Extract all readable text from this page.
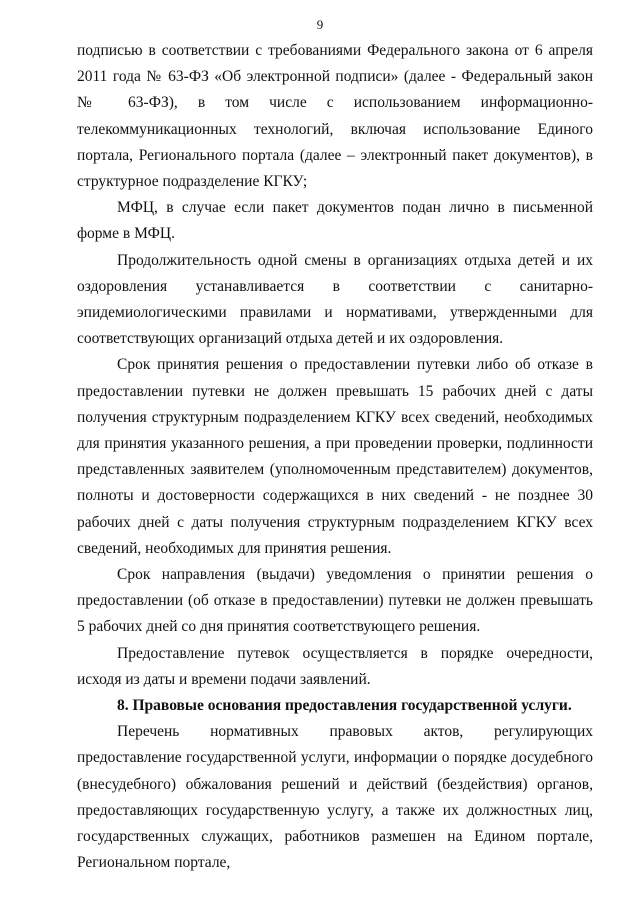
9

подписью в соответствии с требованиями Федерального закона от 6 апреля 2011 года № 63-ФЗ «Об электронной подписи» (далее - Федеральный закон № 63-ФЗ), в том числе с использованием информационно-телекоммуникационных технологий, включая использование Единого портала, Регионального портала (далее – электронный пакет документов), в структурное подразделение КГКУ;

МФЦ, в случае если пакет документов подан лично в письменной форме в МФЦ.

Продолжительность одной смены в организациях отдыха детей и их оздоровления устанавливается в соответствии с санитарно-эпидемиологическими правилами и нормативами, утвержденными для соответствующих организаций отдыха детей и их оздоровления.

Срок принятия решения о предоставлении путевки либо об отказе в предоставлении путевки не должен превышать 15 рабочих дней с даты получения структурным подразделением КГКУ всех сведений, необходимых для принятия указанного решения, а при проведении проверки, подлинности представленных заявителем (уполномоченным представителем) документов, полноты и достоверности содержащихся в них сведений - не позднее 30 рабочих дней с даты получения структурным подразделением КГКУ всех сведений, необходимых для принятия решения.

Срок направления (выдачи) уведомления о принятии решения о предоставлении (об отказе в предоставлении) путевки не должен превышать 5 рабочих дней со дня принятия соответствующего решения.

Предоставление путевок осуществляется в порядке очередности, исходя из даты и времени подачи заявлений.

8. Правовые основания предоставления государственной услуги.

Перечень нормативных правовых актов, регулирующих предоставление государственной услуги, информации о порядке досудебного (внесудебного) обжалования решений и действий (бездействия) органов, предоставляющих государственную услугу, а также их должностных лиц, государственных служащих, работников размешен на Едином портале, Региональном портале,
